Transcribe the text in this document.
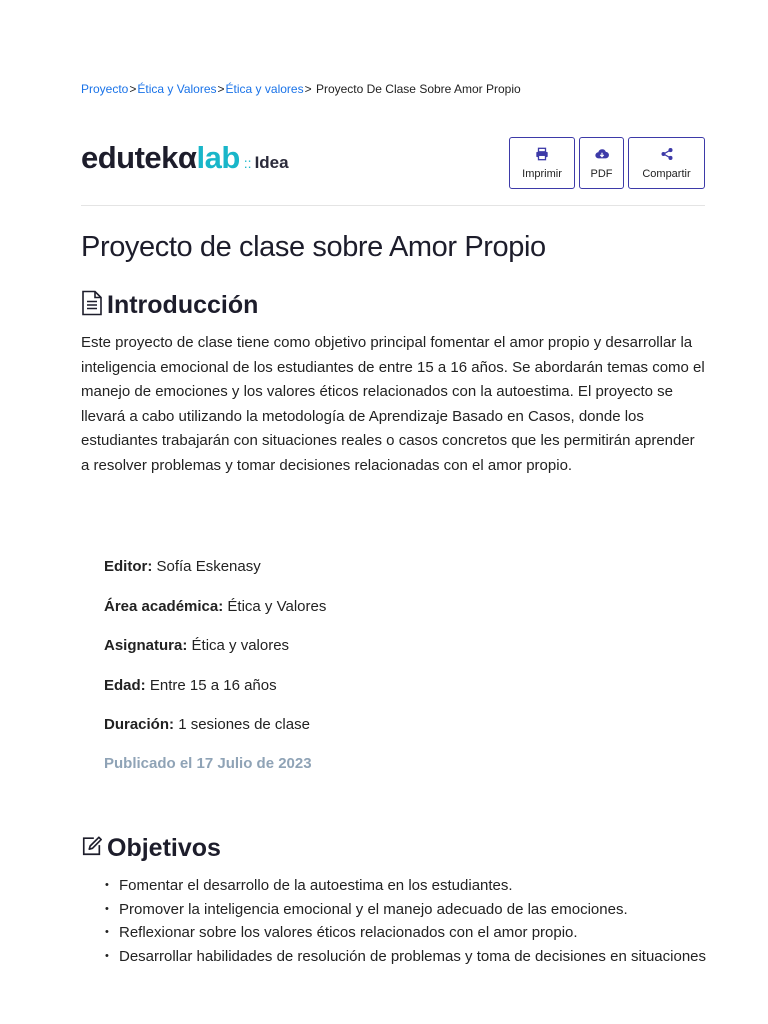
Proyecto>Ética y Valores>Ética y valores> Proyecto De Clase Sobre Amor Propio
edutekα lab :: Idea
Imprimir	PDF	Compartir
Proyecto de clase sobre Amor Propio
Introducción

Este proyecto de clase tiene como objetivo principal fomentar el amor propio y desarrollar la inteligencia emocional de los estudiantes de entre 15 a 16 años. Se abordarán temas como el manejo de emociones y los valores éticos relacionados con la autoestima. El proyecto se llevará a cabo utilizando la metodología de Aprendizaje Basado en Casos, donde los estudiantes trabajarán con situaciones reales o casos concretos que les permitirán aprender a resolver problemas y tomar decisiones relacionadas con el amor propio.

Editor: Sofía Eskenasy
Área académica: Ética y Valores
Asignatura: Ética y valores
Edad: Entre 15 a 16 años
Duración: 1 sesiones de clase
Publicado el 17 Julio de 2023
Objetivos
• Fomentar el desarrollo de la autoestima en los estudiantes.
• Promover la inteligencia emocional y el manejo adecuado de las emociones.
• Reflexionar sobre los valores éticos relacionados con el amor propio.
• Desarrollar habilidades de resolución de problemas y toma de decisiones en situaciones
